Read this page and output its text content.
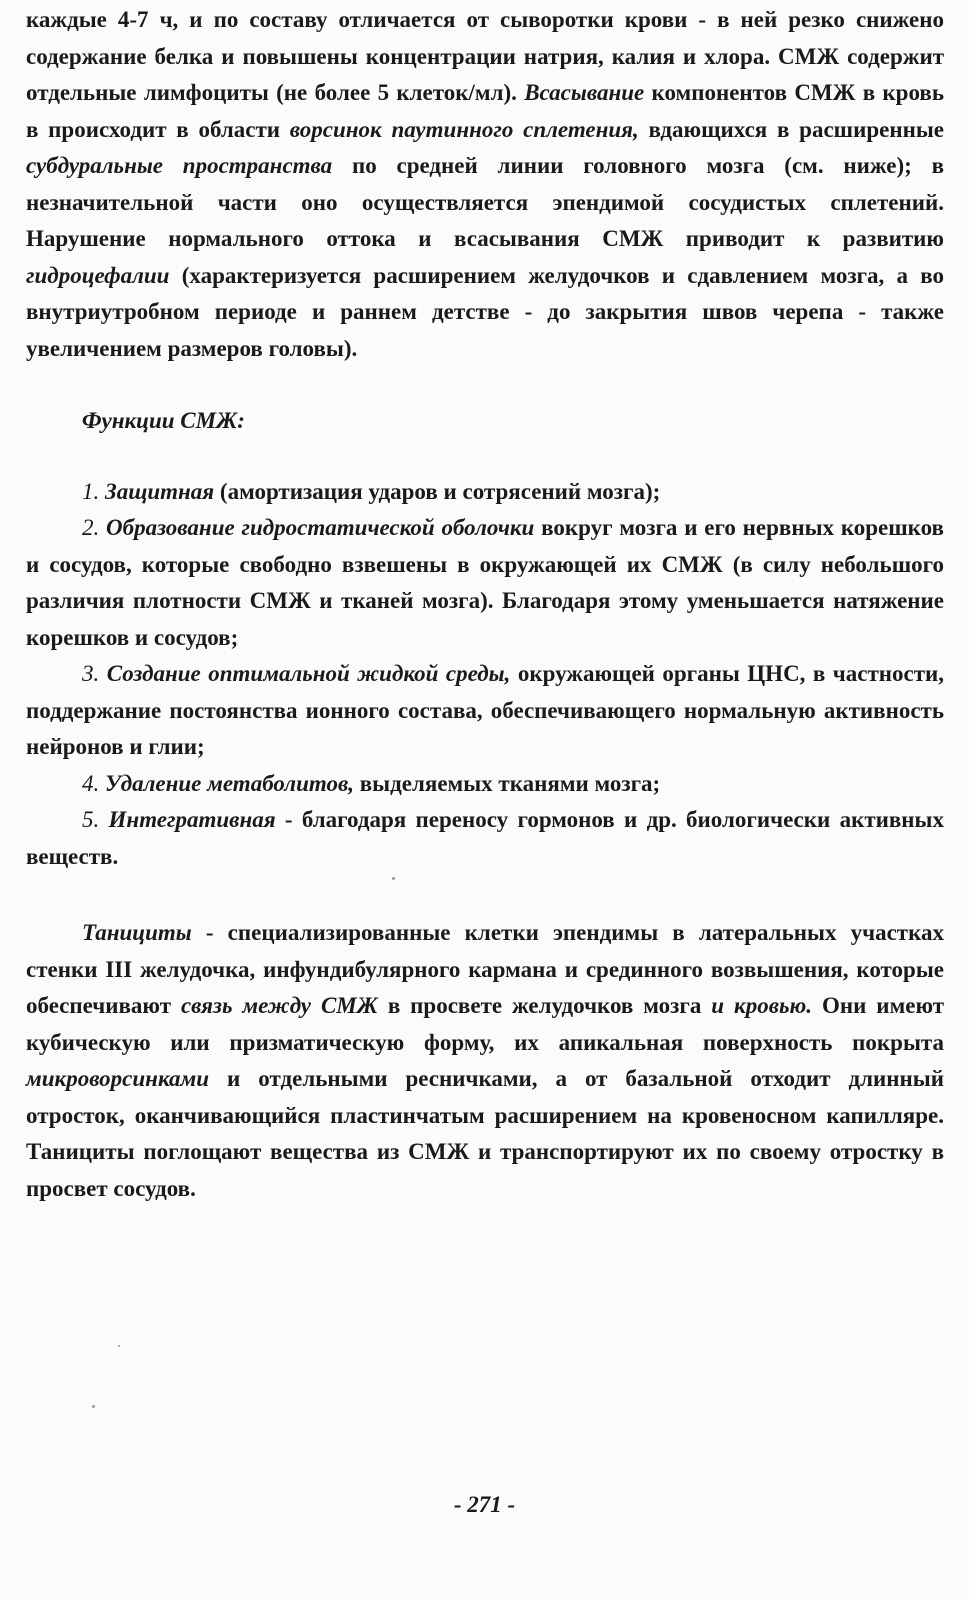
каждые 4-7 ч, и по составу отличается от сыворотки крови - в ней резко снижено содержание белка и повышены концентрации натрия, калия и хлора. СМЖ содержит отдельные лимфоциты (не более 5 клеток/мл). Всасывание компонентов СМЖ в кровь в происходит в области ворсинок паутинного сплетения, вдающихся в расширенные субдуральные пространства по средней линии головного мозга (см. ниже); в незначительной части оно осуществляется эпендимой сосудистых сплетений. Нарушение нормального оттока и всасывания СМЖ приводит к развитию гидроцефалии (характеризуется расширением желудочков и сдавлением мозга, а во внутриутробном периоде и раннем детстве - до закрытия швов черепа - также увеличением размеров головы).

Функции СМЖ:

1. Защитная (амортизация ударов и сотрясений мозга);

2. Образование гидростатической оболочки вокруг мозга и его нервных корешков и сосудов, которые свободно взвешены в окружающей их СМЖ (в силу небольшого различия плотности СМЖ и тканей мозга). Благодаря этому уменьшается натяжение корешков и сосудов;

3. Создание оптимальной жидкой среды, окружающей органы ЦНС, в частности, поддержание постоянства ионного состава, обеспечивающего нормальную активность нейронов и глии;

4. Удаление метаболитов, выделяемых тканями мозга;

5. Интегративная - благодаря переносу гормонов и др. биологически активных веществ.

Танициты - специализированные клетки эпендимы в латеральных участках стенки III желудочка, инфундибулярного кармана и срединного возвышения, которые обеспечивают связь между СМЖ в просвете желудочков мозга и кровью. Они имеют кубическую или призматическую форму, их апикальная поверхность покрыта микроворсинками и отдельными ресничками, а от базальной отходит длинный отросток, оканчивающийся пластинчатым расширением на кровеносном капилляре. Танициты поглощают вещества из СМЖ и транспортируют их по своему отростку в просвет сосудов.

- 271 -
